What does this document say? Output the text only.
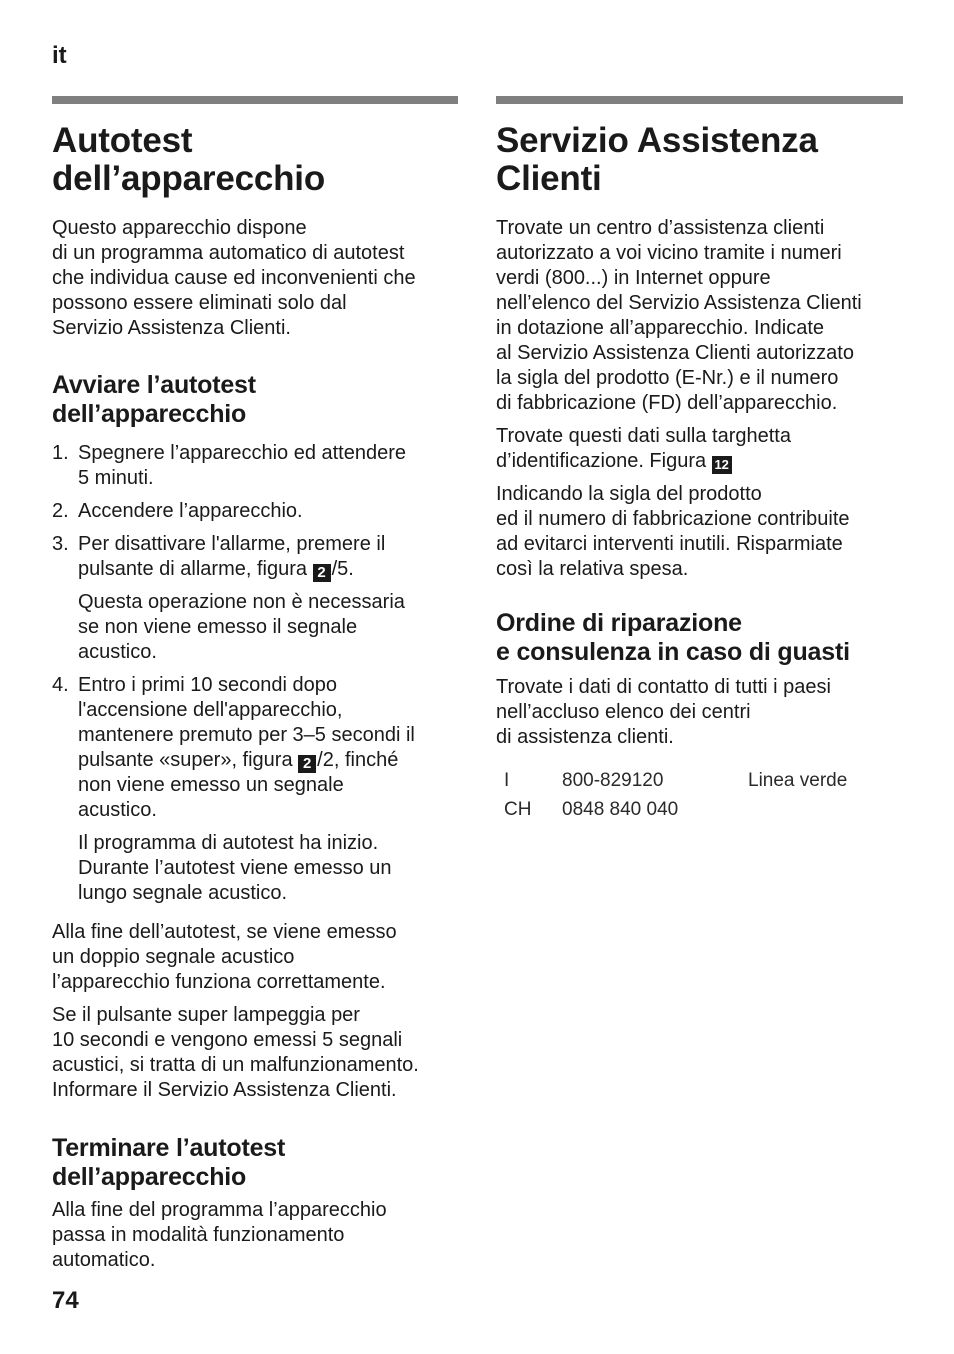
it
Autotest
dell’apparecchio

Questo apparecchio dispone
di un programma automatico di autotest
che individua cause ed inconvenienti che
possono essere eliminati solo dal
Servizio Assistenza Clienti.

Avviare l’autotest
dell’apparecchio
1. Spegnere l’apparecchio ed attendere
5 minuti.
2. Accendere l’apparecchio.
3. Per disattivare l'allarme, premere il
pulsante di allarme, figura 2 /5.
Questa operazione non è necessaria
se non viene emesso il segnale
acustico.
4. Entro i primi 10 secondi dopo
l'accensione dell'apparecchio,
mantenere premuto per 3–5 secondi il
pulsante «super», figura 2 /2, finché
non viene emesso un segnale
acustico.
Il programma di autotest ha inizio.
Durante l’autotest viene emesso un
lungo segnale acustico.

Alla fine dell’autotest, se viene emesso
un doppio segnale acustico
l’apparecchio funziona correttamente.

Se il pulsante super lampeggia per
10 secondi e vengono emessi 5 segnali
acustici, si tratta di un malfunzionamento.
Informare il Servizio Assistenza Clienti.

Terminare l’autotest
dell’apparecchio

Alla fine del programma l’apparecchio
passa in modalità funzionamento
automatico.

Servizio Assistenza
Clienti

Trovate un centro d’assistenza clienti
autorizzato a voi vicino tramite i numeri
verdi (800...) in Internet oppure
nell’elenco del Servizio Assistenza Clienti
in dotazione all’apparecchio. Indicate
al Servizio Assistenza Clienti autorizzato
la sigla del prodotto (E-Nr.) e il numero
di fabbricazione (FD) dell’apparecchio.

Trovate questi dati sulla targhetta
d’identificazione. Figura 12

Indicando la sigla del prodotto
ed il numero di fabbricazione contribuite
ad evitarci interventi inutili. Risparmiate
così la relativa spesa.

Ordine di riparazione
e consulenza in caso di guasti

Trovate i dati di contatto di tutti i paesi
nell’accluso elenco dei centri
di assistenza clienti.

I	800-829120	Linea verde
CH	0848 840 040	
74
